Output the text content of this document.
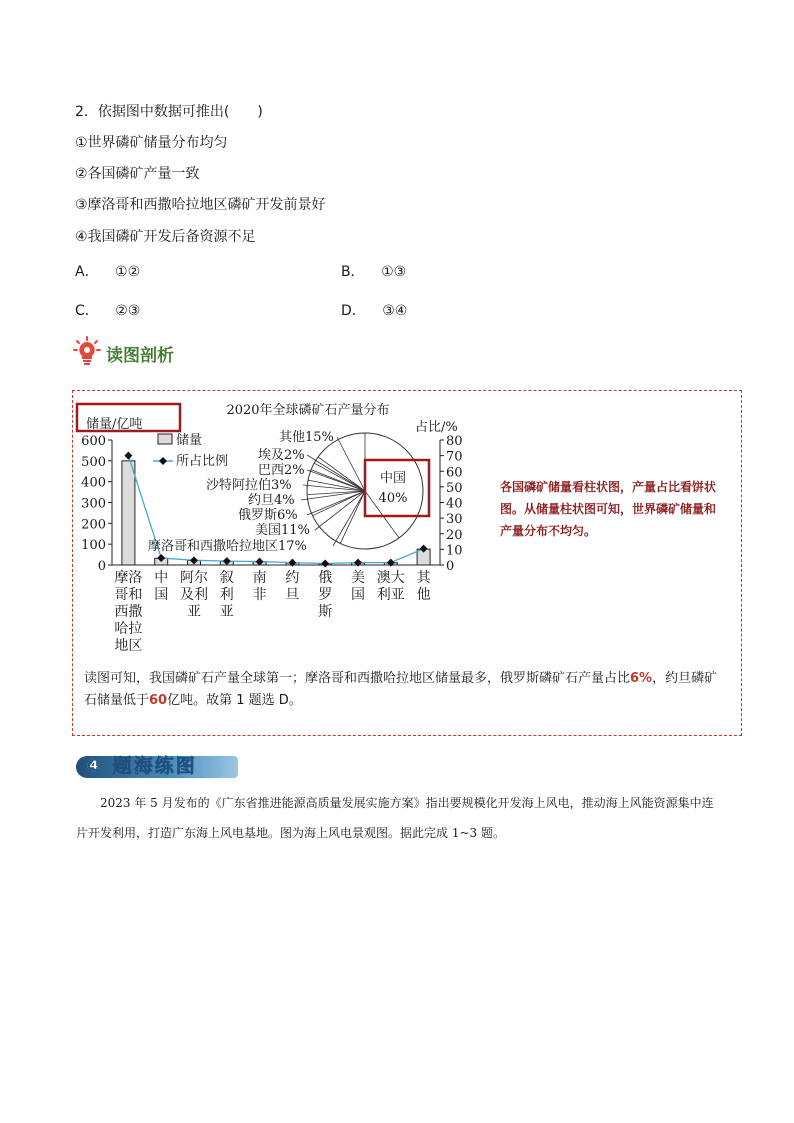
2．依据图中数据可推出(　　)
①世界磷矿储量分布均匀
②各国磷矿产量一致
③摩洛哥和西撒哈拉地区磷矿开发前景好
④我国磷矿开发后备资源不足
A． ①②	B． ①③
C． ②③	D． ③④
读图剖析
0
100
200
300
400
500
600
0
10
20
30
40
50
60
70
80
摩洛
哥和
西撒
哈拉
地区
中
国
阿尔
及利
亚
叙
利
亚
南
非
约
旦
俄
罗
斯
美
国
澳大
利亚
其
他
2020年全球磷矿石产量分布
占比/%
储量/亿吨
储量
所占比例
其他15%
埃及2%
巴西2%
沙特阿拉伯3%
约旦4%
俄罗斯6%
美国11%
摩洛哥和西撒哈拉地区17%
中国
40%
各国磷矿储量看柱状图，产量占比看饼状图。从储量柱状图可知，世界磷矿储量和产量分布不均匀。
读图可知，我国磷矿石产量全球第一；摩洛哥和西撒哈拉地区储量最多，俄罗斯磷矿石产量占比6%，约旦磷矿石储量低于60亿吨。故第 1 题选 D。
④ 题海练图
2023 年 5 月发布的《广东省推进能源高质量发展实施方案》指出要规模化开发海上风电，推动海上风能资源集中连片开发利用，打造广东海上风电基地。图为海上风电景观图。据此完成 1~3 题。
